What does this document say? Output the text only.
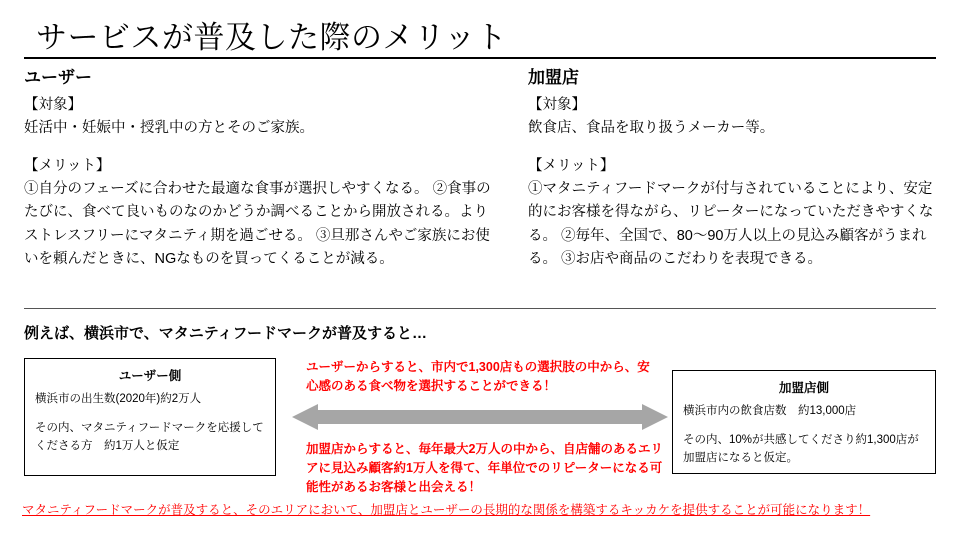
サービスが普及した際のメリット
ユーザー

【対象】

妊活中・妊娠中・授乳中の方とそのご家族。

【メリット】

①自分のフェーズに合わせた最適な食事が選択しやすくなる。 ②食事のたびに、食べて良いものなのかどうか調べることから開放される。よりストレスフリーにマタニティ期を過ごせる。 ③旦那さんやご家族にお使いを頼んだときに、NGなものを買ってくることが減る。

加盟店

【対象】

飲食店、食品を取り扱うメーカー等。

【メリット】

①マタニティフードマークが付与されていることにより、安定的にお客様を得ながら、リピーターになっていただきやすくなる。 ②毎年、全国で、80〜90万人以上の見込み顧客がうまれる。 ③お店や商品のこだわりを表現できる。

例えば、横浜市で、マタニティフードマークが普及すると…

ユーザー側

横浜市の出生数(2020年)約2万人

その内、マタニティフードマークを応援してくださる方　約1万人と仮定

加盟店側

横浜市内の飲食店数　約13,000店

その内、10%が共感してくださり約1,300店が加盟店になると仮定。

ユーザーからすると、市内で1,300店もの選択肢の中から、安心感のある食べ物を選択することができる！
加盟店からすると、毎年最大2万人の中から、自店舗のあるエリアに見込み顧客約1万人を得て、年単位でのリピーターになる可能性があるお客様と出会える！
マタニティフードマークが普及すると、そのエリアにおいて、加盟店とユーザーの長期的な関係を構築するキッカケを提供することが可能になります！
